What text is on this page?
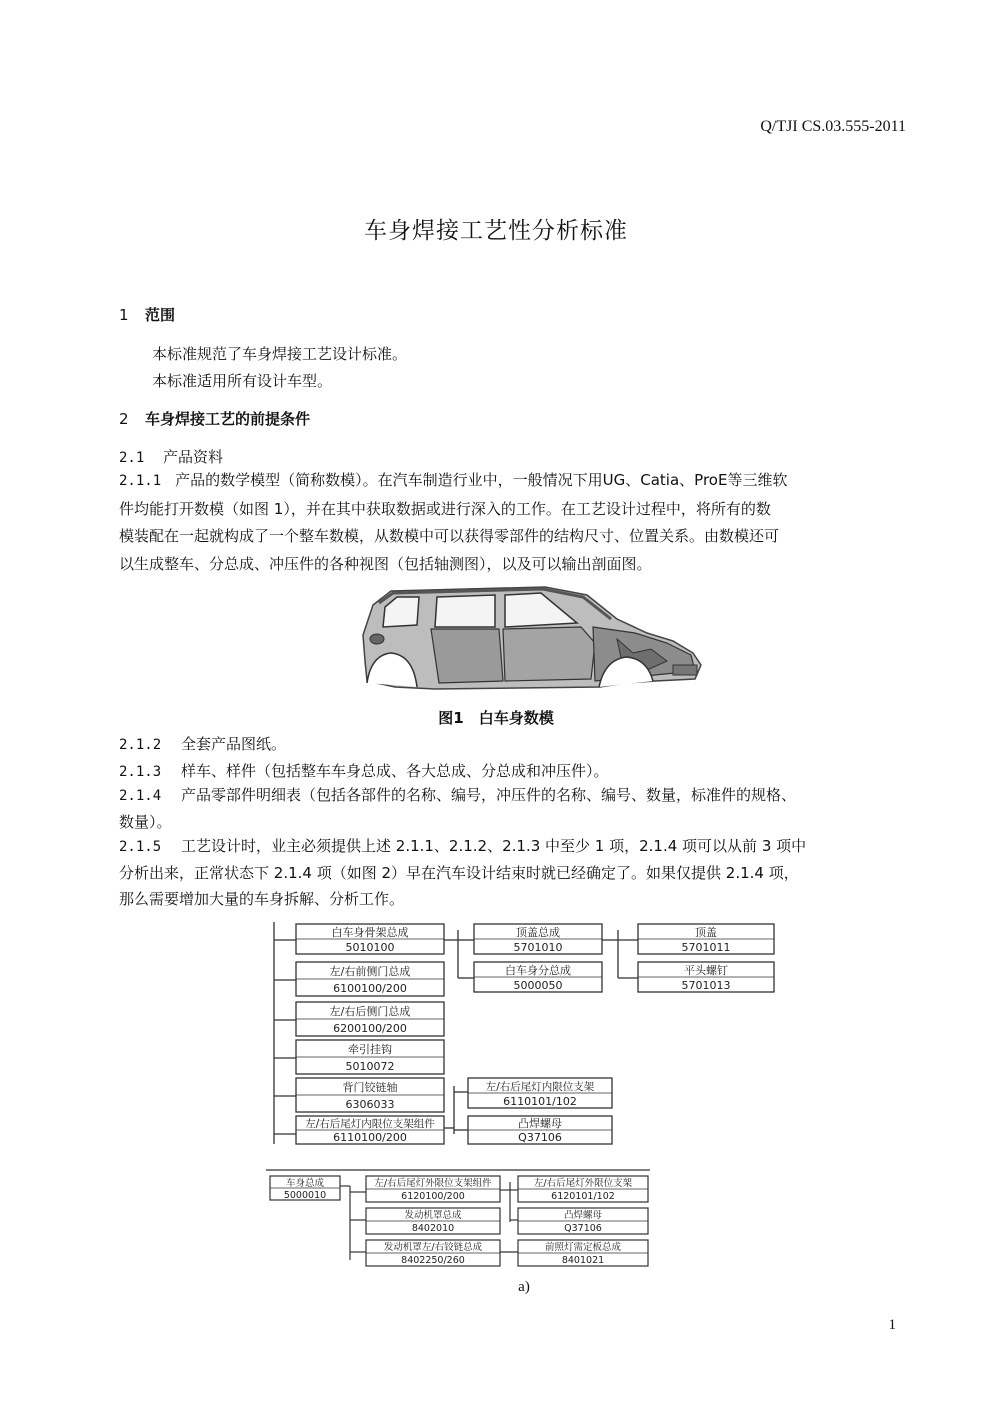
Q/TJI CS.03.555-2011
车身焊接工艺性分析标准
1 范围
本标准规范了车身焊接工艺设计标准。
本标准适用所有设计车型。
2 车身焊接工艺的前提条件
2.1 产品资料
2.1.1 产品的数学模型（简称数模）。在汽车制造行业中，一般情况下用UG、Catia、ProE等三维软
件均能打开数模（如图 1），并在其中获取数据或进行深入的工作。在工艺设计过程中，将所有的数
模装配在一起就构成了一个整车数模，从数模中可以获得零部件的结构尺寸、位置关系。由数模还可
以生成整车、分总成、冲压件的各种视图（包括轴测图），以及可以输出剖面图。
图1　白车身数模
2.1.2 全套产品图纸。
2.1.3 样车、样件（包括整车车身总成、各大总成、分总成和冲压件）。
2.1.4 产品零部件明细表（包括各部件的名称、编号，冲压件的名称、编号、数量，标准件的规格、
数量）。
2.1.5 工艺设计时，业主必须提供上述 2.1.1、2.1.2、2.1.3 中至少 1 项，2.1.4 项可以从前 3 项中
分析出来，正常状态下 2.1.4 项（如图 2）早在汽车设计结束时就已经确定了。如果仅提供 2.1.4 项，
那么需要增加大量的车身拆解、分析工作。
白车身骨架总成
5010100
左/右前侧门总成
6100100/200
左/右后侧门总成
6200100/200
牵引挂钩
5010072
背门铰链轴
6306033
左/右后尾灯内限位支架组件
6110100/200
顶盖总成
5701010
白车身分总成
5000050
顶盖
5701011
平头螺钉
5701013
左/右后尾灯内限位支架
6110101/102
凸焊螺母
Q37106
车身总成
5000010
左/右后尾灯外限位支架组件
6120100/200
发动机罩总成
8402010
发动机罩左/右铰链总成
8402250/260
左/右后尾灯外限位支架
6120101/102
凸焊螺母
Q37106
前照灯需定板总成
8401021
a)
1
